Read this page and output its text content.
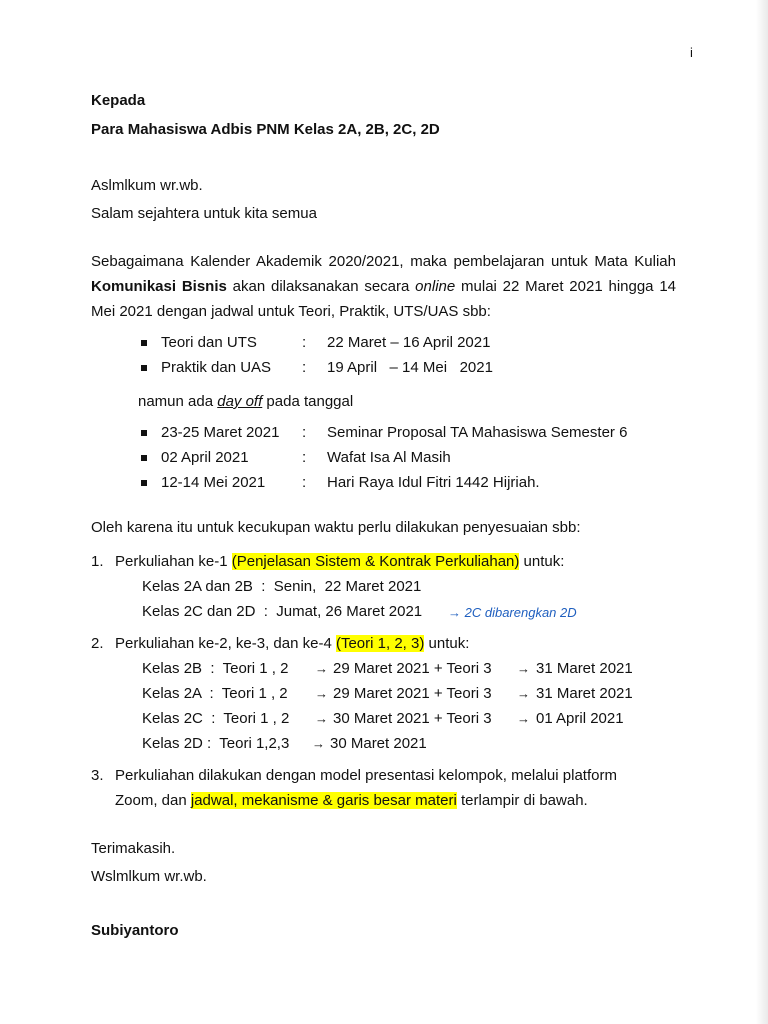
i
Kepada
Para Mahasiswa Adbis PNM Kelas 2A, 2B, 2C, 2D
Aslmlkum wr.wb.
Salam sejahtera untuk kita semua
Sebagaimana Kalender Akademik 2020/2021, maka pembelajaran untuk Mata Kuliah Komunikasi Bisnis akan dilaksanakan secara online mulai 22 Maret 2021 hingga 14 Mei 2021 dengan jadwal untuk Teori, Praktik, UTS/UAS sbb:
Teori dan UTS	: 22 Maret – 16 April 2021
Praktik dan UAS : 19 April   – 14 Mei   2021
namun ada day off pada tanggal
23-25 Maret 2021 : Seminar Proposal TA Mahasiswa Semester 6
02 April 2021	: Wafat Isa Al Masih
12-14 Mei 2021 : Hari Raya Idul Fitri 1442 Hijriah.
Oleh karena itu untuk kecukupan waktu perlu dilakukan penyesuaian sbb:
1. Perkuliahan ke-1 (Penjelasan Sistem & Kontrak Perkuliahan) untuk:
Kelas 2A dan 2B  :  Senin,  22 Maret 2021
Kelas 2C dan 2D  :  Jumat, 26 Maret 2021 → 2C dibarengkan 2D
2. Perkuliahan ke-2, ke-3, dan ke-4 (Teori 1, 2, 3) untuk:
Kelas 2B  :  Teori 1 , 2 → 29 Maret 2021 + Teori 3 → 31 Maret 2021
Kelas 2A  :  Teori 1 , 2 → 29 Maret 2021 + Teori 3 → 31 Maret 2021
Kelas 2C  :  Teori 1 , 2 → 30 Maret 2021 + Teori 3 → 01 April 2021
Kelas 2D :  Teori 1,2,3 → 30 Maret 2021
3. Perkuliahan dilakukan dengan model presentasi kelompok, melalui platform
Zoom, dan jadwal, mekanisme & garis besar materi terlampir di bawah.
Terimakasih.
Wslmlkum wr.wb.
Subiyantoro
